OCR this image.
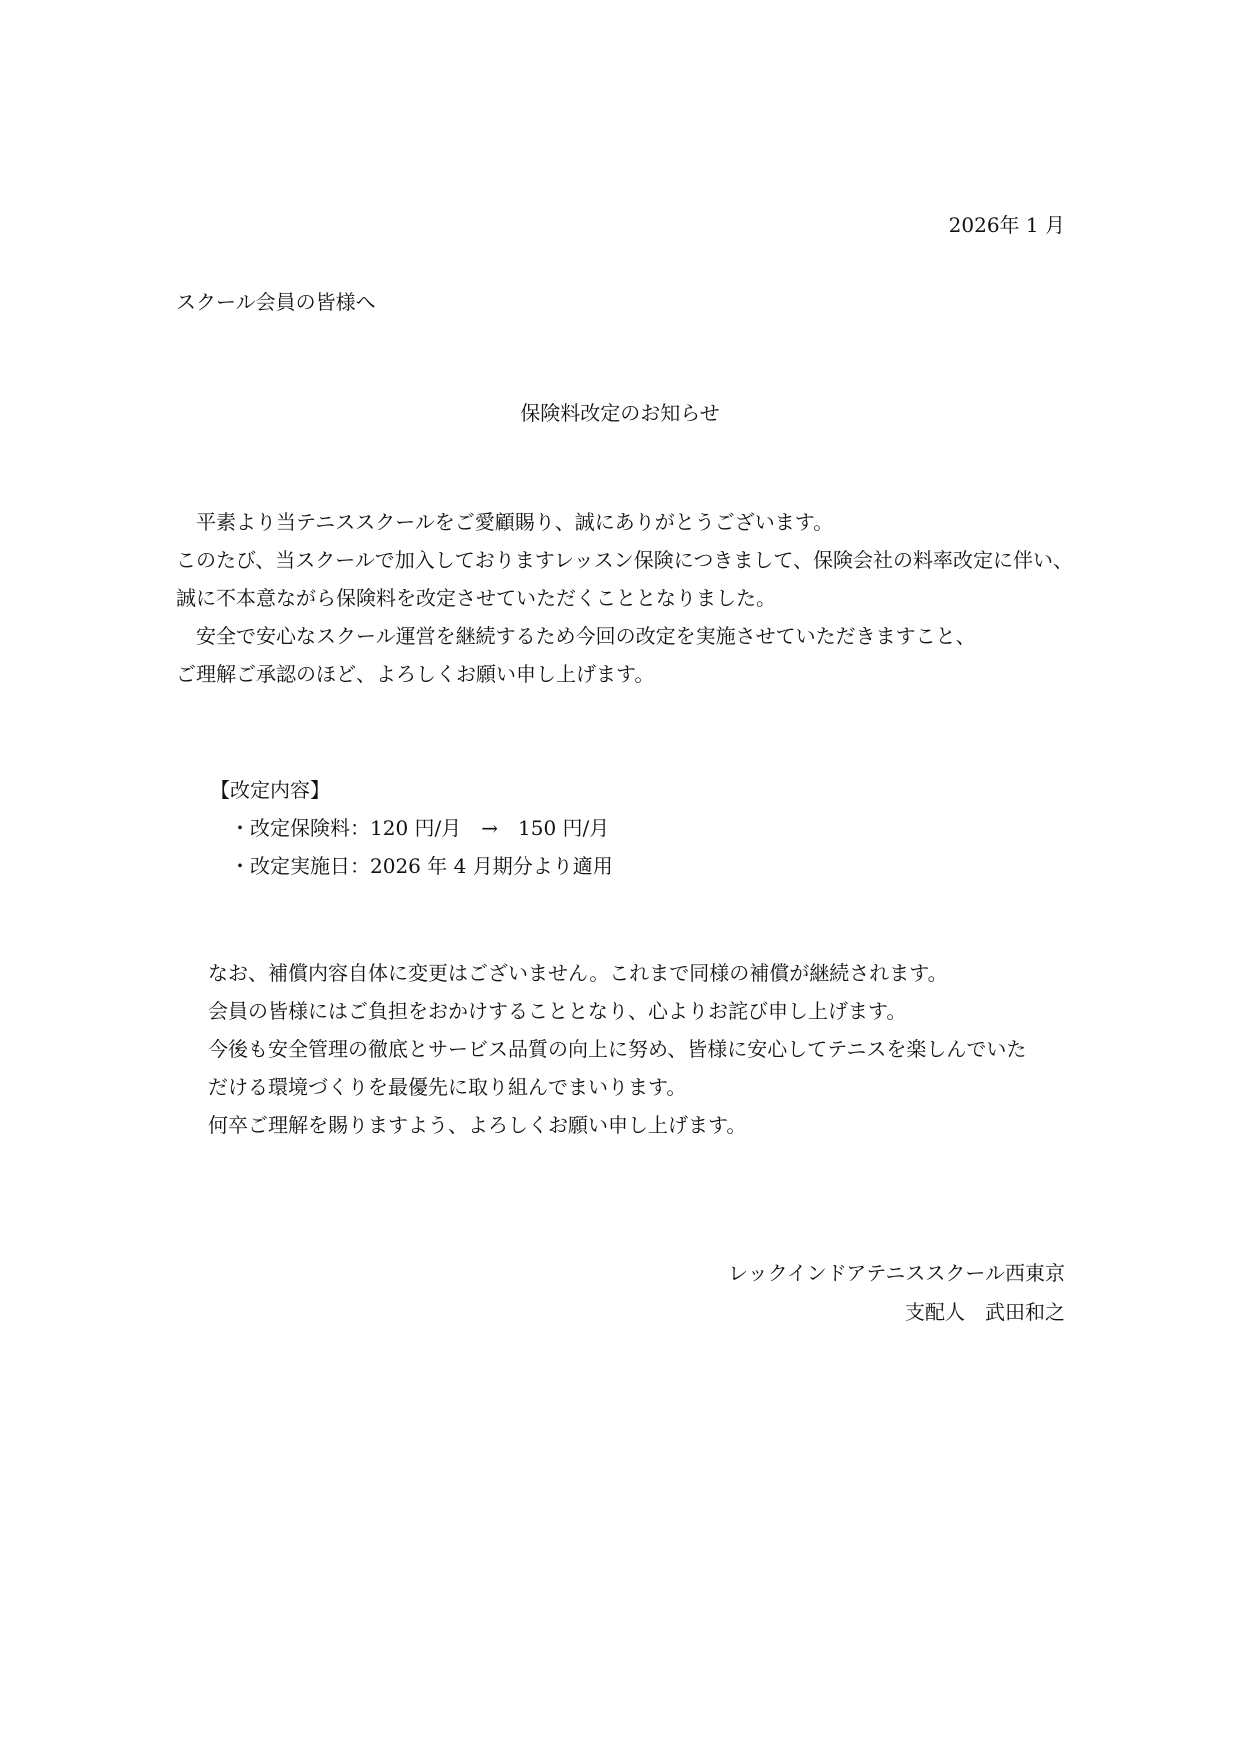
2026年 1 月
スクール会員の皆様へ
保険料改定のお知らせ
　平素より当テニススクールをご愛顧賜り、誠にありがとうございます。
このたび、当スクールで加入しておりますレッスン保険につきまして、保険会社の料率改定に伴い、
誠に不本意ながら保険料を改定させていただくこととなりました。
　安全で安心なスクール運営を継続するため今回の改定を実施させていただきますこと、
ご理解ご承認のほど、よろしくお願い申し上げます。
【改定内容】
・改定保険料：120 円/月　→　150 円/月
・改定実施日：2026 年 4 月期分より適用
なお、補償内容自体に変更はございません。これまで同様の補償が継続されます。
会員の皆様にはご負担をおかけすることとなり、心よりお詫び申し上げます。
今後も安全管理の徹底とサービス品質の向上に努め、皆様に安心してテニスを楽しんでいた
だける環境づくりを最優先に取り組んでまいります。
何卒ご理解を賜りますよう、よろしくお願い申し上げます。
レックインドアテニススクール西東京
支配人　武田和之
